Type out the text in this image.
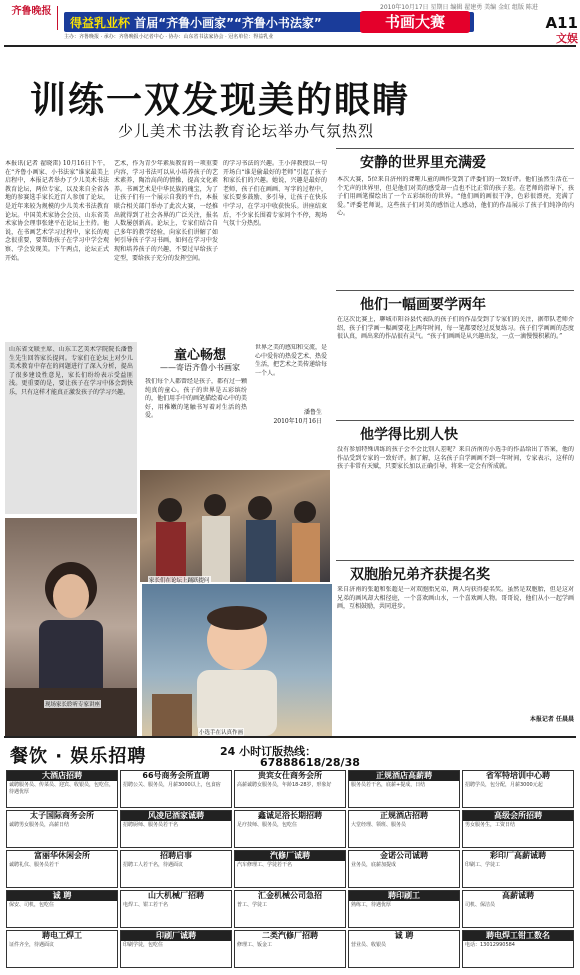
2010年10月17日 星期日 编辑 翟建勇 美编 金虹 组版 陈进
齐鲁晚报
得益乳业杯 首届“齐鲁小画家”“齐鲁小书法家”	书画大赛
主办：齐鲁晚报 · 承办：齐鲁晚报小记者中心 · 协办：山东省书法家协会 · 冠名单位：得益乳业
A11
文娱
训练一双发现美的眼睛
少儿美术书法教育论坛举办气氛热烈
本报讯(记者 翟晓雷) 10月16日下午，在“齐鲁小画家、小书法家”谁家最美上启程中，本报记者举办了少儿美术书法教育论坛，两位专家，以及来自全省各地的参赛选手家长近百人参加了论坛，是近年来较为规模的少儿美术书法教育论坛。中国美术家协会会员、山东省美术家协会理事张建平在论坛上主持。他说，在书画艺术学习过程中，家长的观念很重要，要帮助孩子在学习中学会观察、学会发现美。下午两点，论坛正式开始。
艺术，作为青少年素质教育的一项重要内容，学习书法可以从小培养孩子的艺术素养，陶冶高尚的情操，提高文化素养。书画艺术是中华民族的瑰宝，为了让孩子们有一个展示自我的平台，本报联合相关部门举办了此次大赛，一经推出就得到了社会各界的广泛关注，报名人数屡创新高。论坛上，专家们结合自己多年的教学经验，向家长们讲解了如何引导孩子学习书画，如何在学习中发现和培养孩子的兴趣，不要过早给孩子定型，要给孩子充分的发挥空间。
的学习书法的兴趣。王小萍教授以一句开场白“谁是偷最好的老师”引起了孩子和家长们的兴趣。她说，兴趣是最好的老师，孩子们在画画、写字的过程中，家长要多鼓励、多引导，让孩子在快乐中学习，在学习中收获快乐。讲座结束后，不少家长围着专家问个不停，现场气氛十分热烈。
安静的世界里充满爱
本次大赛，5位来自济州的聋哑儿童的画作受到了评委们的一致好评。他们虽然生活在一个无声的世界里，但是他们对美的感受却一点也不比正常的孩子差。在老师的指导下，孩子们用画笔描绘出了一个五彩缤纷的世界。“他们画的画很干净，色彩很漂亮，充满了爱。”评委老师说，这些孩子们对美的感悟让人感动，他们的作品展示了孩子们纯净的内心。
他们一幅画要学两年
在这次比赛上，聊城市阳谷县代表队的孩子们的作品受到了专家们的关注，据带队老师介绍，孩子们学画一幅画要花上两年时间，每一笔都要经过反复练习。孩子们学画画的态度很认真，画出来的作品很有灵气。“孩子们画画是从兴趣出发，一点一滴慢慢积累的。”
他学得比别人快
没有参加特殊训练的孩子会不会比别人差呢？来自济南的小选手的作品给出了答案，他的作品受到专家的一致好评。据了解，这名孩子自学画画不到一年时间，专家表示，这样的孩子非常有天赋，只要家长加以正确引导，将来一定会有所成就。
双胞胎兄弟齐获提名奖
来自济南的张超和张超是一对双胞胎兄弟，两人均获得提名奖。虽然是双胞胎，但是这对兄弟的画风却大相径庭，一个喜欢画山水，一个喜欢画人物。哥哥说，他们从小一起学画画，互相鼓励，共同进步。
本报记者 任晨晨
山东省文联主席、山东工艺美术学院院长潘鲁生先生回答家长提问。专家们在论坛上对少儿美术教育中存在的问题进行了深入分析，提出了很多建设性意见，家长们纷纷表示受益匪浅。更重要的是，要让孩子在学习中体会到快乐，只有这样才能真正激发孩子的学习兴趣。
童心畅想
——寄语齐鲁小书画家
我们每个人都曾经是孩子，都有过一颗纯真的童心。孩子的世界是五彩缤纷的，他们用手中的画笔描绘着心中的美好，用稚嫩的笔触书写着对生活的热爱。
世界之美的感知和交流，是心中爱你的热爱艺术、热爱生活，把艺术之美传递给每一个人。
潘鲁生
2010年10月16日
家长们在论坛上踊跃提问
现场家长聆听专家讲座
小选手在认真作画
餐饮 · 娱乐招聘	24 小时订版热线：
67888618/28/38
大酒店招聘
诚聘服务员、传菜员、迎宾、收银员，包吃住，待遇优厚
66号商务会所直聘
招聘公关、服务员，月薪3000以上，包食宿
贵宾女仕商务会所
高薪诚聘女服务员，年龄18-28岁，形象好
正规酒店高薪聘
服务员若干名，底薪+提成，日结
省军特培训中心聘
招聘学员，包分配，月薪3000元起
太子国际商务会所
诚聘男女服务员，高薪日结
风凌尼酒家诚聘
招聘厨师、服务员若干名
鑫诚足浴长期招聘
足疗技师、服务员，包吃住
正规酒店招聘
大堂经理、领班、服务员
高级会所招聘
男女服务生，工资日结
富丽华休闲会所
诚聘礼仪、服务员若干
招聘启事
招聘工人若干名，待遇面议
汽修厂诚聘
汽车修理工、学徒若干名
金诺公司诚聘
业务员，底薪加提成
彩印厂高薪诚聘
印刷工、学徒工
诚 聘
保安、司机，包吃住
山大机械厂招聘
电焊工、钳工若干名
汇金机械公司急招
普工、学徒工
聘印刷工
熟练工，待遇优厚
高薪诚聘
司机、保洁员
聘电工焊工
证件齐全，待遇面议
印刷厂诚聘
印刷学徒，包吃住
二类汽修厂招聘
修理工、钣金工
诚 聘
营业员、收银员
聘电焊工钳工数名
电话：13012990584
